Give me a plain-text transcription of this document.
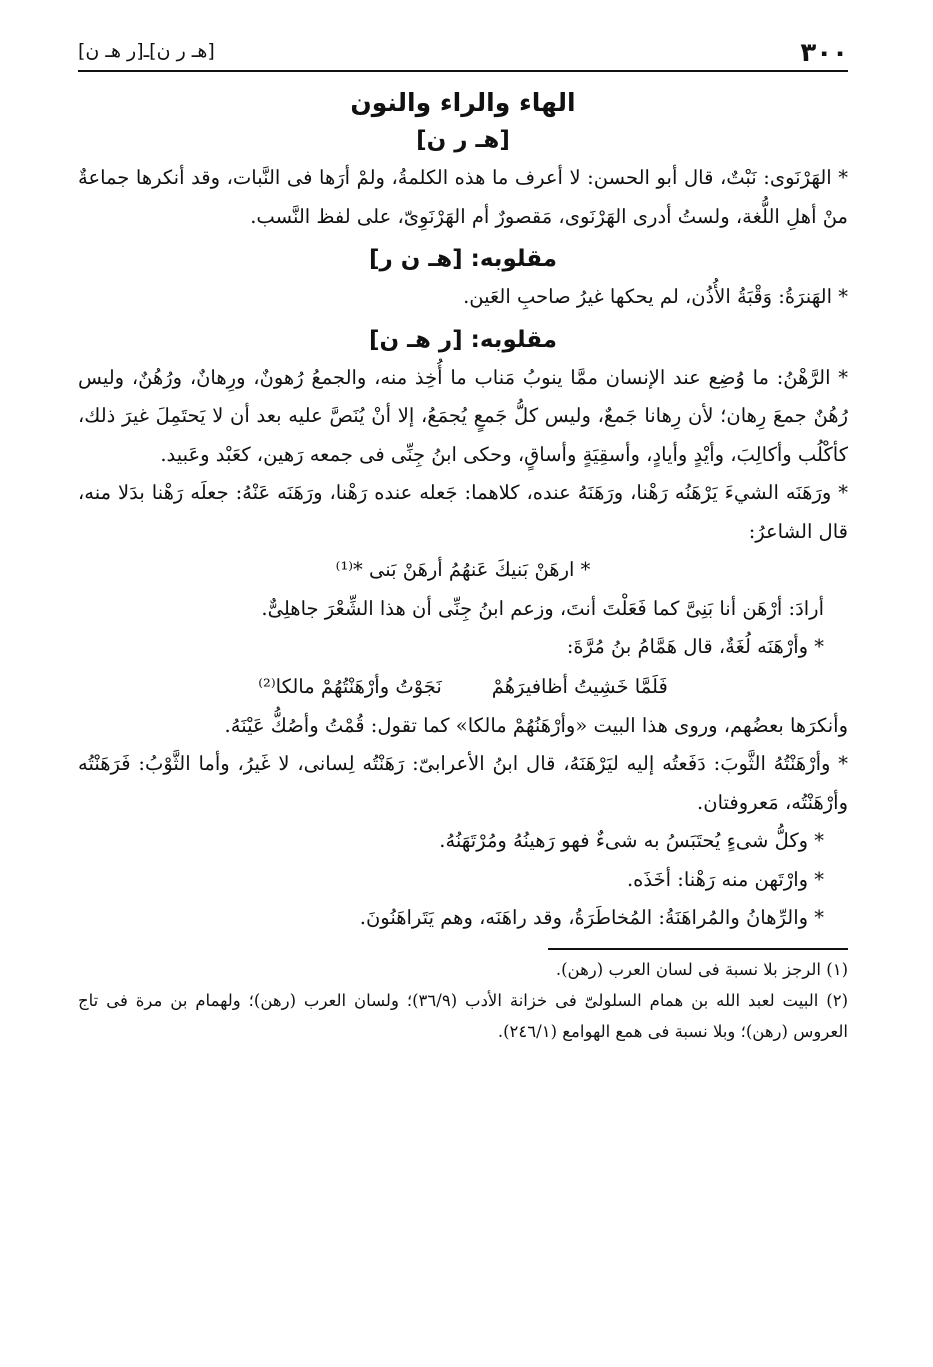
٣٠٠
[هـ ر ن]ـ[ر هـ ن]
الهاء والراء والنون
[هـ ر ن]

* الهَرْنَوى: نَبْتٌ، قال أبو الحسن: لا أعرف ما هذه الكلمةُ، ولمْ أرَها فى النَّبات، وقد أنكرها جماعةٌ منْ أهلِ اللُّغة، ولستُ أدرى الهَرْنَوى، مَقصورٌ أم الهَرْنَوِىّ، على لفظ النَّسب.

مقلوبه: [هـ ن ر]

* الهَنرَةُ: وَقْبَةُ الأُذُن، لم يحكها غيرُ صاحبِ العَين.

مقلوبه: [ر هـ ن]

* الرَّهْنُ: ما وُضِع عند الإنسان ممَّا ينوبُ مَناب ما أُخِذ منه، والجمعُ رُهونٌ، ورِهانٌ، ورُهُنٌ، وليس رُهُنٌ جمعَ رِهان؛ لأن رِهانا جَمعٌ، وليس كلُّ جَمعٍ يُجمَعُ، إلا أنْ يُنَصَّ عليه بعد أن لا يَحتَمِلَ غيرَ ذلك، كأكْلُب وأكالِبَ، وأيْدٍ وأيادٍ، وأسقِيَةٍ وأساقٍ، وحكى ابنُ جِنِّى فى جمعه رَهين، كعَبْد وعَبيد.

* ورَهَنَه الشيءَ يَرْهَنُه رَهْنا، ورَهَنَهُ عنده، كلاهما: جَعله عنده رَهْنا، ورَهَنَه عَنْهُ: جعلَه رَهْنا بدَلا منه، قال الشاعرُ:

* ارهَنْ بَنيكَ عَنهُمُ أرهَنْ بَنى *⁽¹⁾

أرادَ: أرْهَن أنا بَنِىَّ كما فَعَلْتَ أنتَ، وزعم ابنُ جِنِّى أن هذا الشِّعْرَ جاهلِىٌّ.

* وأرْهَنَه لُغَةٌ، قال هَمَّامُ بنُ مُرَّةَ:

فَلَمَّا خَشِيتُ أظافيرَهُمْ
نَجَوْتُ وأرْهَنْتُهُمْ مالكا⁽²⁾

وأنكرَها بعضُهم، وروى هذا البيت «وأرْهَنُهُمْ مالكا» كما تقول: قُمْتُ وأصُكُّ عَيْنَهُ.

* وأرْهَنْتُهُ الثَّوبَ: دَفَعتُه إليه ليَرْهَنَهُ، قال ابنُ الأعرابىّ: رَهَنْتُه لِسانى، لا غَيرُ، وأما الثَّوْبُ: فَرَهَنْتُه وأرْهَنْتُه، مَعروفتان.

* وكلُّ شىءٍ يُحتَبَسُ به شىءٌ فهو رَهينُهُ ومُرْتَهَنُهُ.

* وارْتَهن منه رَهْنا: أخَذَه.

* والرِّهانُ والمُراهَنَةُ: المُخاطَرَةُ، وقد راهَنَه، وهم يَتَراهَنُونَ.

(١) الرجز بلا نسبة فى لسان العرب (رهن).

(٢) البيت لعبد الله بن همام السلولىّ فى خزانة الأدب (٣٦/٩)؛ ولسان العرب (رهن)؛ ولهمام بن مرة فى تاج العروس (رهن)؛ وبلا نسبة فى همع الهوامع (٢٤٦/١).
